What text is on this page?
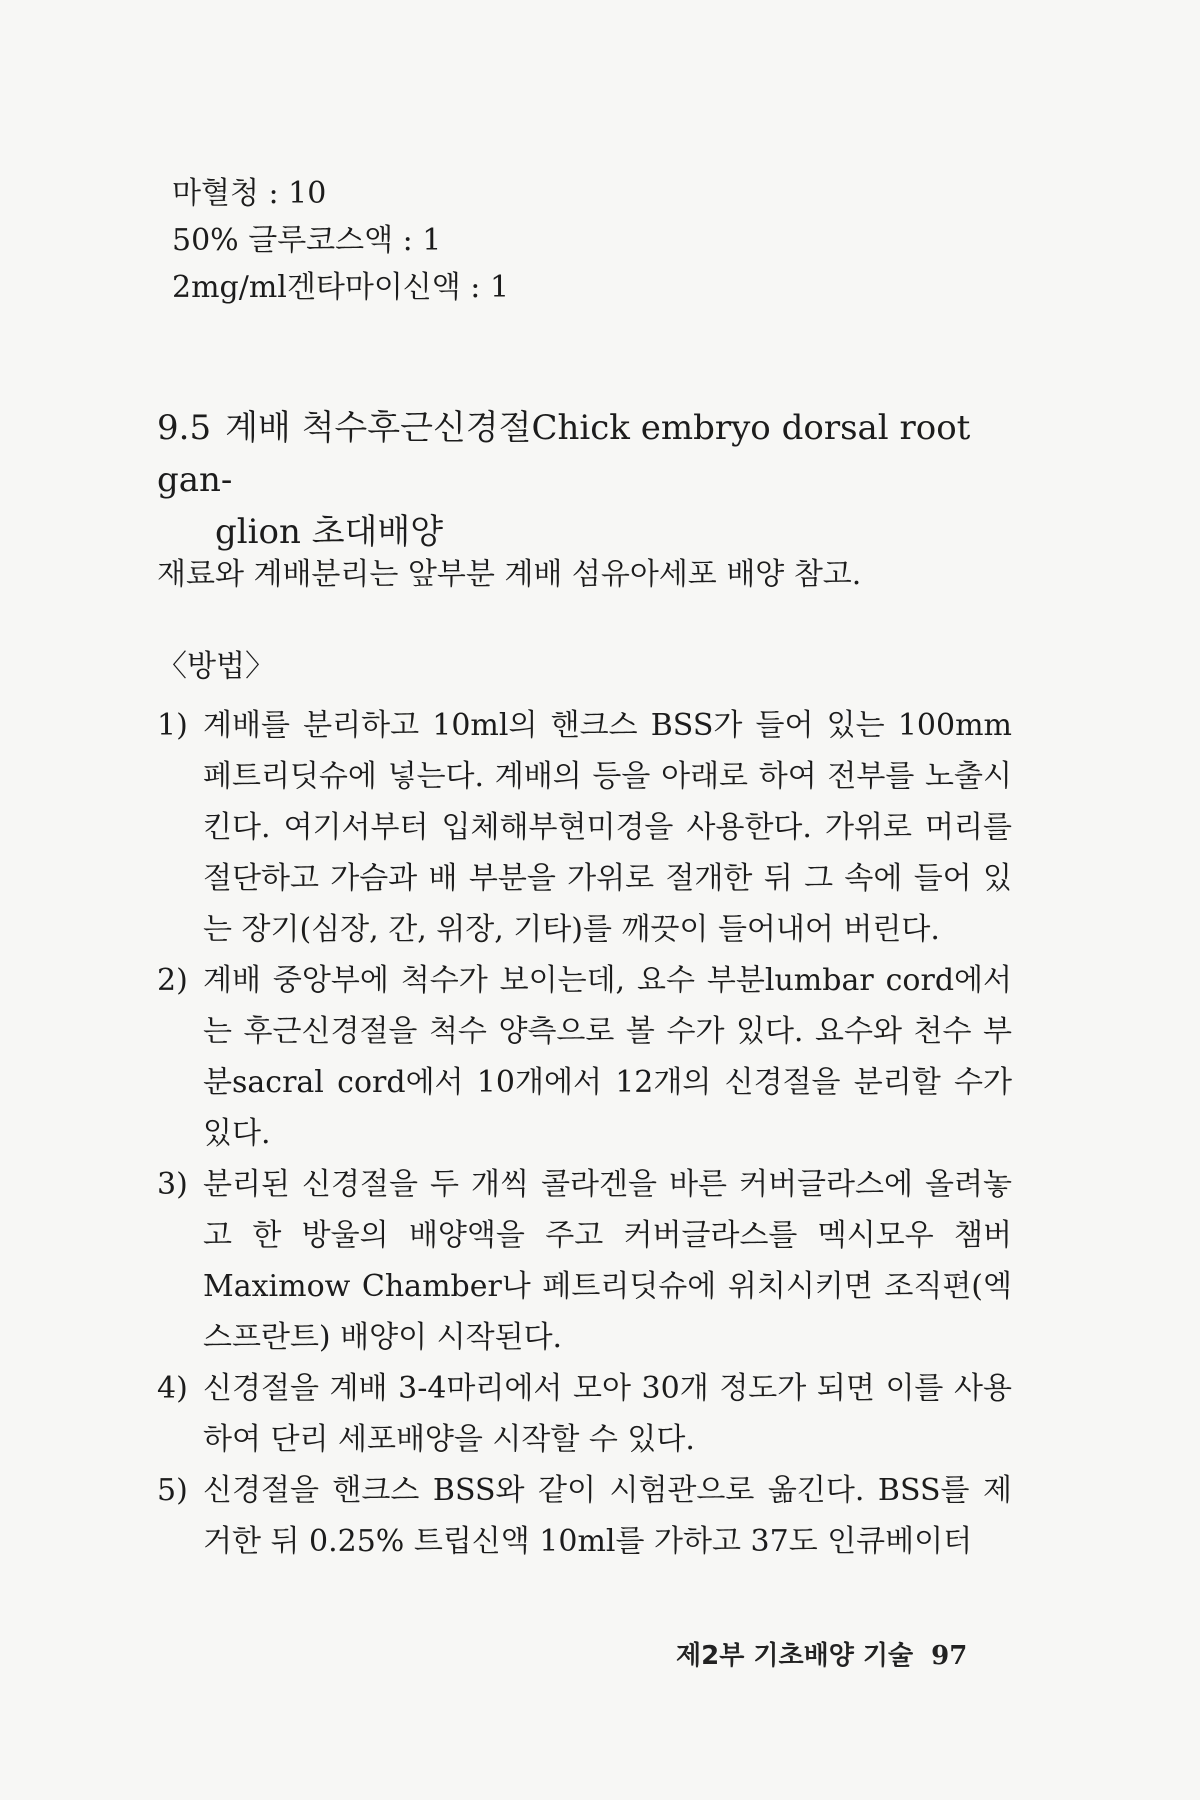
마혈청 : 10
50% 글루코스액 : 1
2mg/ml겐타마이신액 : 1
9.5 계배 척수후근신경절Chick embryo dorsal root gan-
glion 초대배양
재료와 계배분리는 앞부분 계배 섬유아세포 배양 참고.
〈방법〉
1) 계배를 분리하고 10ml의 핸크스 BSS가 들어 있는 100mm 페트리딧슈에 넣는다. 계배의 등을 아래로 하여 전부를 노출시킨다. 여기서부터 입체해부현미경을 사용한다. 가위로 머리를 절단하고 가슴과 배 부분을 가위로 절개한 뒤 그 속에 들어 있는 장기(심장, 간, 위장, 기타)를 깨끗이 들어내어 버린다.
2) 계배 중앙부에 척수가 보이는데, 요수 부분lumbar cord에서는 후근신경절을 척수 양측으로 볼 수가 있다. 요수와 천수 부분sacral cord에서 10개에서 12개의 신경절을 분리할 수가 있다.
3) 분리된 신경절을 두 개씩 콜라겐을 바른 커버글라스에 올려놓고 한 방울의 배양액을 주고 커버글라스를 멕시모우 챔버Maximow Chamber나 페트리딧슈에 위치시키면 조직편(엑스프란트) 배양이 시작된다.
4) 신경절을 계배 3-4마리에서 모아 30개 정도가 되면 이를 사용하여 단리 세포배양을 시작할 수 있다.
5) 신경절을 핸크스 BSS와 같이 시험관으로 옮긴다. BSS를 제거한 뒤 0.25% 트립신액 10ml를 가하고 37도 인큐베이터
제2부 기초배양 기술 97
